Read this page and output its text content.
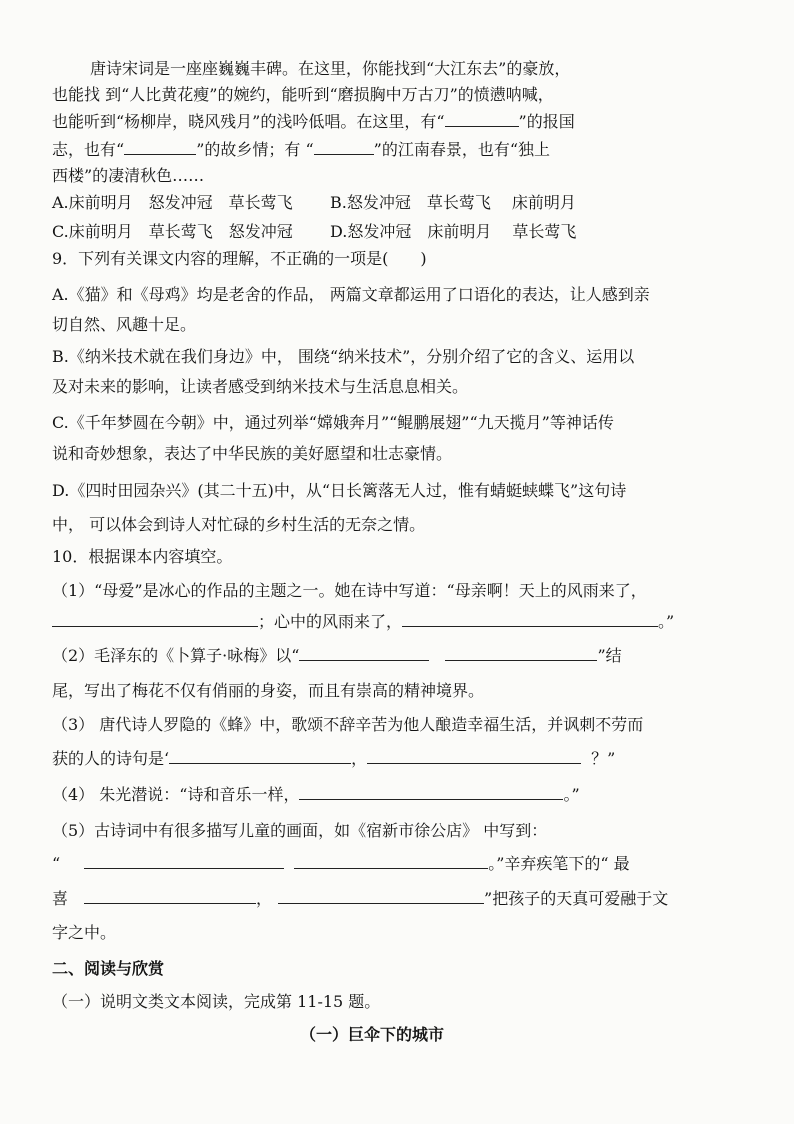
唐诗宋词是一座座巍巍丰碑。在这里，你能找到“大江东去”的豪放，
也能找 到“人比黄花瘦”的婉约，能听到“磨损胸中万古刀”的愤懑呐喊，
也能听到“杨柳岸，晓风残月”的浅吟低唱。在这里，有“	”的报国
志，也有“	”的故乡情；有 “	”的江南春景，也有“独上
西楼”的凄清秋色……
A.床前明月　怒发冲冠　草长莺飞 B.怒发冲冠　草长莺飞　 床前明月
C.床前明月　草长莺飞　怒发冲冠 D.怒发冲冠　床前明月　 草长莺飞
9．下列有关课文内容的理解，不正确的一项是(　　)
A.《猫》和《母鸡》均是老舍的作品， 两篇文章都运用了口语化的表达，让人感到亲
切自然、风趣十足。
B.《纳米技术就在我们身边》中， 围绕“纳米技术”，分别介绍了它的含义、运用以
及对未来的影响，让读者感受到纳米技术与生活息息相关。
C.《千年梦圆在今朝》中，通过列举“嫦娥奔月”“鲲鹏展翅”“九天揽月”等神话传
说和奇妙想象，表达了中华民族的美好愿望和壮志豪情。
D.《四时田园杂兴》(其二十五)中，从“日长篱落无人过，惟有蜻蜓蛱蝶飞”这句诗
中， 可以体会到诗人对忙碌的乡村生活的无奈之情。
10．根据课本内容填空。
（1）“母爱”是冰心的作品的主题之一。她在诗中写道：“母亲啊！天上的风雨来了，
；心中的风雨来了，	。”
（2）毛泽东的《卜算子·咏梅》以“	”结
尾，写出了梅花不仅有俏丽的身姿，而且有崇高的精神境界。
（3） 唐代诗人罗隐的《蜂》中，歌颂不辞辛苦为他人酿造幸福生活，并讽刺不劳而
获的人的诗句是‘	，	？”
（4） 朱光潜说：“诗和音乐一样，	。”
（5）古诗词中有很多描写儿童的画面，如《宿新市徐公店》 中写到：
“	。”辛弃疾笔下的“ 最
喜	，	”把孩子的天真可爱融于文
字之中。
二、阅读与欣赏
（一）说明文类文本阅读，完成第 11-15 题。
（一）巨伞下的城市
